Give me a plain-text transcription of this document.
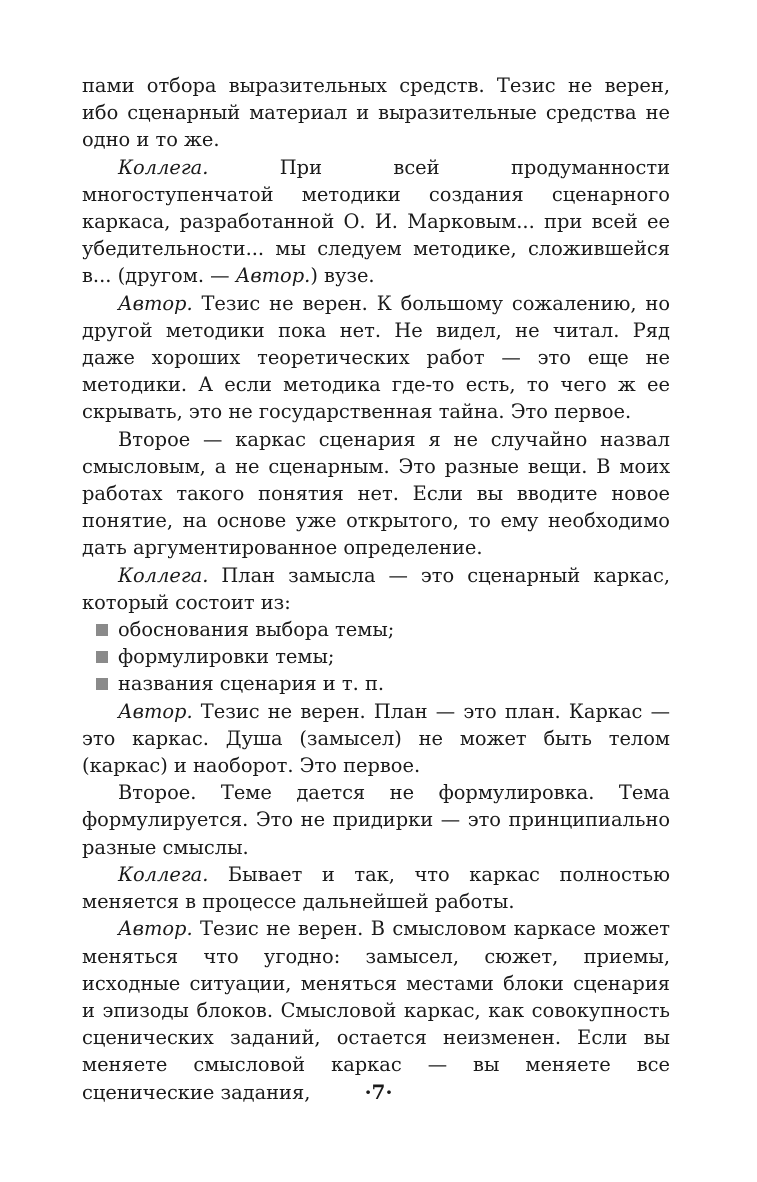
пами отбора выразительных средств. Тезис не верен, ибо сценарный материал и выразительные средства не одно и то же.

Коллега. При всей продуманности многоступенчатой методики создания сценарного каркаса, разработанной О. И. Марковым... при всей ее убедительности... мы следуем методике, сложившейся в... (другом. — Автор.) вузе.

Автор. Тезис не верен. К большому сожалению, но другой методики пока нет. Не видел, не читал. Ряд даже хороших теоретических работ — это еще не методики. А если методика где-то есть, то чего ж ее скрывать, это не государственная тайна. Это первое.

Второе — каркас сценария я не случайно назвал смысловым, а не сценарным. Это разные вещи. В моих работах такого понятия нет. Если вы вводите новое понятие, на основе уже открытого, то ему необходимо дать аргументированное определение.

Коллега. План замысла — это сценарный каркас, который состоит из:

обоснования выбора темы;
формулировки темы;
названия сценария и т. п.

Автор. Тезис не верен. План — это план. Каркас — это каркас. Душа (замысел) не может быть телом (каркас) и наоборот. Это первое.

Второе. Теме дается не формулировка. Тема формулируется. Это не придирки — это принципиально разные смыслы.

Коллега. Бывает и так, что каркас полностью меняется в процессе дальнейшей работы.

Автор. Тезис не верен. В смысловом каркасе может меняться что угодно: замысел, сюжет, приемы, исходные ситуации, меняться местами блоки сценария и эпизоды блоков. Смысловой каркас, как совокупность сценических заданий, остается неизменен. Если вы меняете смысловой каркас — вы меняете все сценические задания,	·7·
